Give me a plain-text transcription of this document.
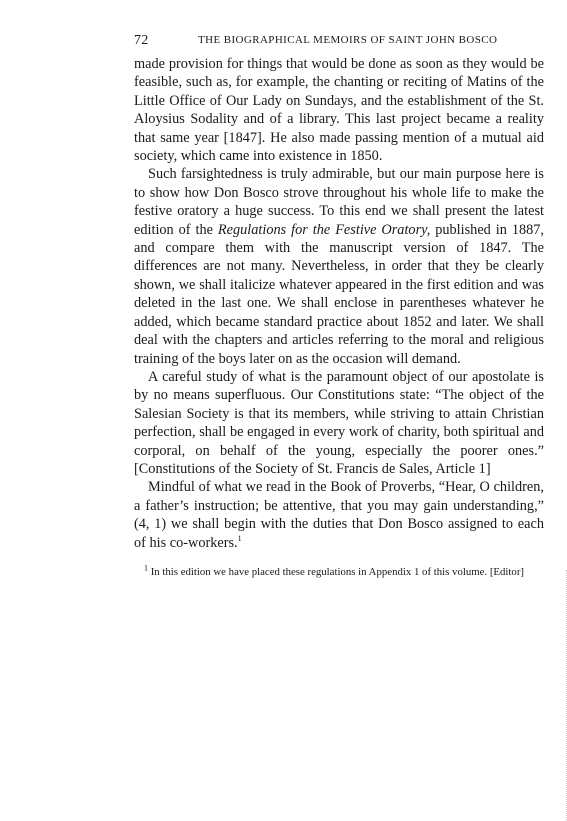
72	THE BIOGRAPHICAL MEMOIRS OF SAINT JOHN BOSCO

made provision for things that would be done as soon as they would be feasible, such as, for example, the chanting or reciting of Matins of the Little Office of Our Lady on Sundays, and the establishment of the St. Aloysius Sodality and of a library. This last project became a reality that same year [1847]. He also made passing mention of a mutual aid society, which came into existence in 1850.

Such farsightedness is truly admirable, but our main purpose here is to show how Don Bosco strove throughout his whole life to make the festive oratory a huge success. To this end we shall present the latest edition of the Regulations for the Festive Oratory, published in 1887, and compare them with the manuscript version of 1847. The differences are not many. Nevertheless, in order that they be clearly shown, we shall italicize whatever appeared in the first edition and was deleted in the last one. We shall enclose in parentheses whatever he added, which became standard practice about 1852 and later. We shall deal with the chapters and articles referring to the moral and religious training of the boys later on as the occasion will demand.

A careful study of what is the paramount object of our apostolate is by no means superfluous. Our Constitutions state: “The object of the Salesian Society is that its members, while striving to attain Christian perfection, shall be engaged in every work of charity, both spiritual and corporal, on behalf of the young, especially the poorer ones.” [Constitutions of the Society of St. Francis de Sales, Article 1]

Mindful of what we read in the Book of Proverbs, “Hear, O children, a father’s instruction; be attentive, that you may gain understanding,” (4, 1) we shall begin with the duties that Don Bosco assigned to each of his co-workers.$^1$

$^1$ In this edition we have placed these regulations in Appendix 1 of this volume. [Editor]
